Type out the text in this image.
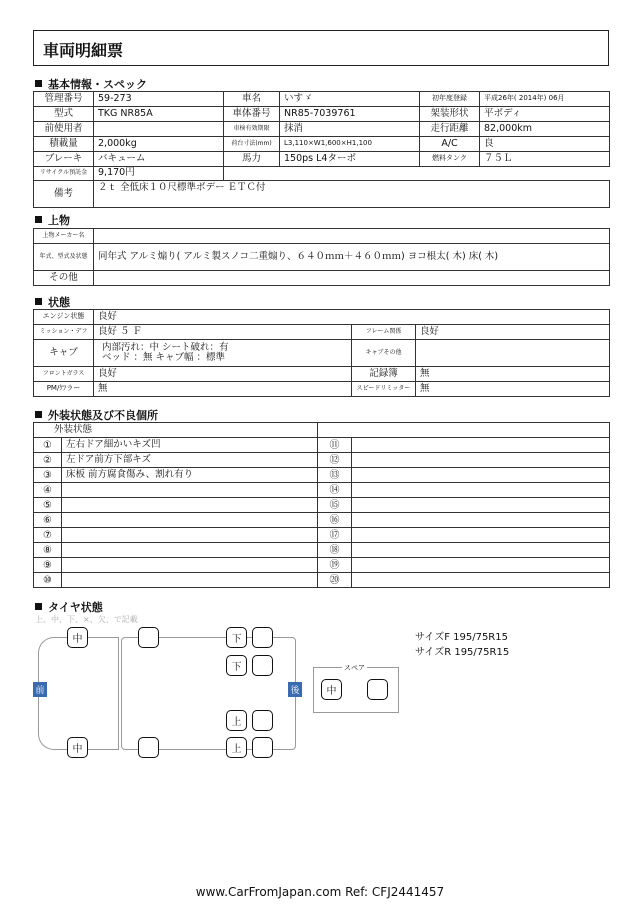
車両明細票
基本情報・スペック
管理番号	59-273	車名	いすゞ	初年度登録	平成26年( 2014年) 06月
型式	TKG NR85A	車体番号	NR85-7039761	架装形状	平ボディ
前使用者		車検有効期限	抹消	走行距離	82,000km
積載量	2,000kg	荷台寸法(mm)	L3,110×W1,600×H1,100	A/C	良
ブレーキ	バキューム	馬力	150ps L4ターボ	燃料タンク	７５Ｌ
リサイクル預託金	9,170円				
備考	２ｔ 全低床１０尺標準ボデー ＥＴＣ付				
上物
上物メーカー名	
年式、型式及状態	同年式 アルミ煽り( アルミ製スノコ二重煽り、６４０ｍｍ＋４６０ｍｍ) ヨコ根太( 木) 床( 木)
その他	
状態
エンジン状態	良好		
ミッション・デフ	良好 ５ Ｆ	フレーム関係	良好
キャブ	内部汚れ：中 シート破れ：有
ベッド ：無 キャブ幅 ：標準	キャブその他	
フロントガラス	良好	記録簿	無
PM/ｸﾌラー	無	スピードリミッター	無
外装状態及び不良個所
外装状態			
①	左右ドア細かいキズ凹	⑪	
②	左ドア前方下部キズ	⑫	
③	床板 前方腐食傷み、割れ有り	⑬	
④		⑭	
⑤		⑮	
⑥		⑯	
⑦		⑰	
⑧		⑱	
⑨		⑲	
⑩		⑳	
タイヤ状態
上、中、下、×、欠、で記載
前	後
中
中
下
下
上
上
スペア
中
サイズF 195/75R15
サイズR 195/75R15
www.CarFromJapan.com Ref: CFJ2441457
